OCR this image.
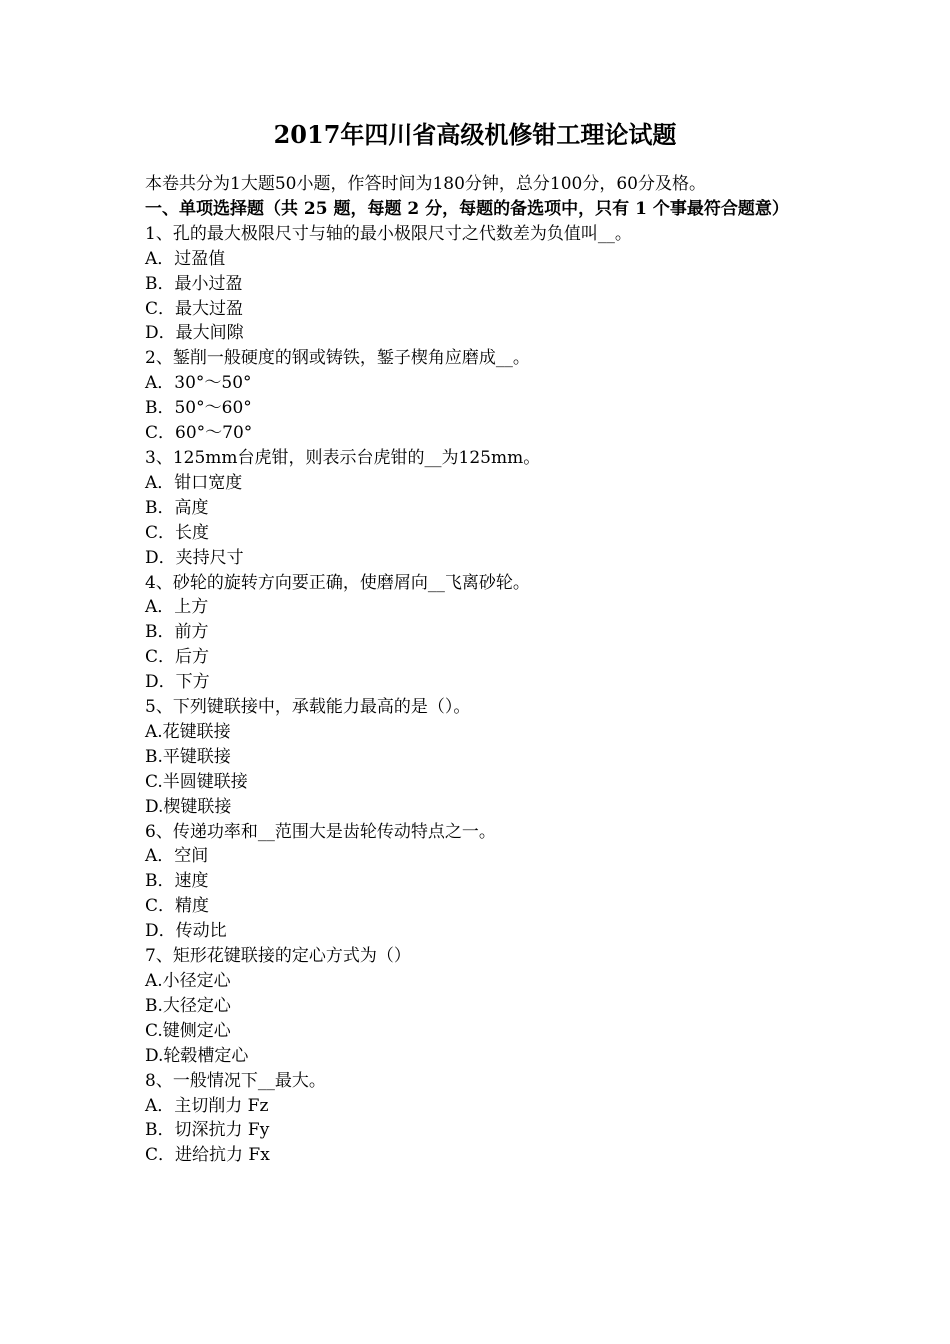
2017年四川省高级机修钳工理论试题

本卷共分为1大题50小题，作答时间为180分钟，总分100分，60分及格。

一、单项选择题（共 25 题，每题 2 分，每题的备选项中，只有 1 个事最符合题意）

1、孔的最大极限尺寸与轴的最小极限尺寸之代数差为负值叫__。

A．过盈值

B．最小过盈

C．最大过盈

D．最大间隙

2、錾削一般硬度的钢或铸铁，錾子楔角应磨成__。

A．30°～50°

B．50°～60°

C．60°～70°

3、125mm台虎钳，则表示台虎钳的__为125mm。

A．钳口宽度

B．高度

C．长度

D．夹持尺寸

4、砂轮的旋转方向要正确，使磨屑向__飞离砂轮。

A．上方

B．前方

C．后方

D．下方

5、下列键联接中，承载能力最高的是（）。

A.花键联接

B.平键联接

C.半圆键联接

D.楔键联接

6、传递功率和__范围大是齿轮传动特点之一。

A．空间

B．速度

C．精度

D．传动比

7、矩形花键联接的定心方式为（）

A.小径定心

B.大径定心

C.键侧定心

D.轮毂槽定心

8、一般情况下__最大。

A．主切削力 Fz

B．切深抗力 Fy

C．进给抗力 Fx
